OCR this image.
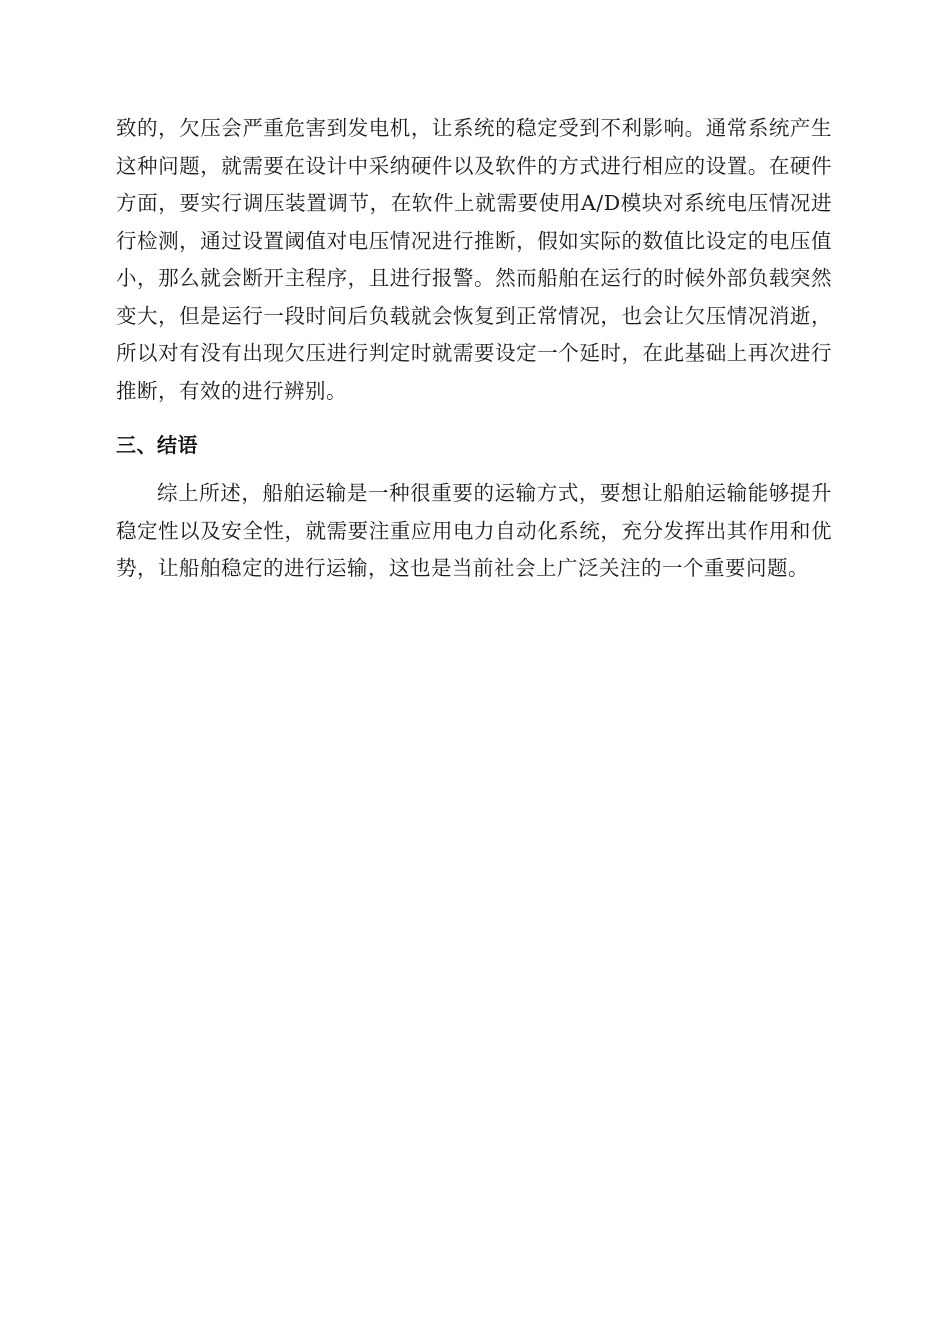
致的，欠压会严重危害到发电机，让系统的稳定受到不利影响。通常系统产生这种问题，就需要在设计中采纳硬件以及软件的方式进行相应的设置。在硬件方面，要实行调压装置调节，在软件上就需要使用A/D模块对系统电压情况进行检测，通过设置阈值对电压情况进行推断，假如实际的数值比设定的电压值小，那么就会断开主程序，且进行报警。然而船舶在运行的时候外部负载突然变大，但是运行一段时间后负载就会恢复到正常情况，也会让欠压情况消逝，所以对有没有出现欠压进行判定时就需要设定一个延时，在此基础上再次进行推断，有效的进行辨别。

三、结语

综上所述，船舶运输是一种很重要的运输方式，要想让船舶运输能够提升稳定性以及安全性，就需要注重应用电力自动化系统，充分发挥出其作用和优势，让船舶稳定的进行运输，这也是当前社会上广泛关注的一个重要问题。
